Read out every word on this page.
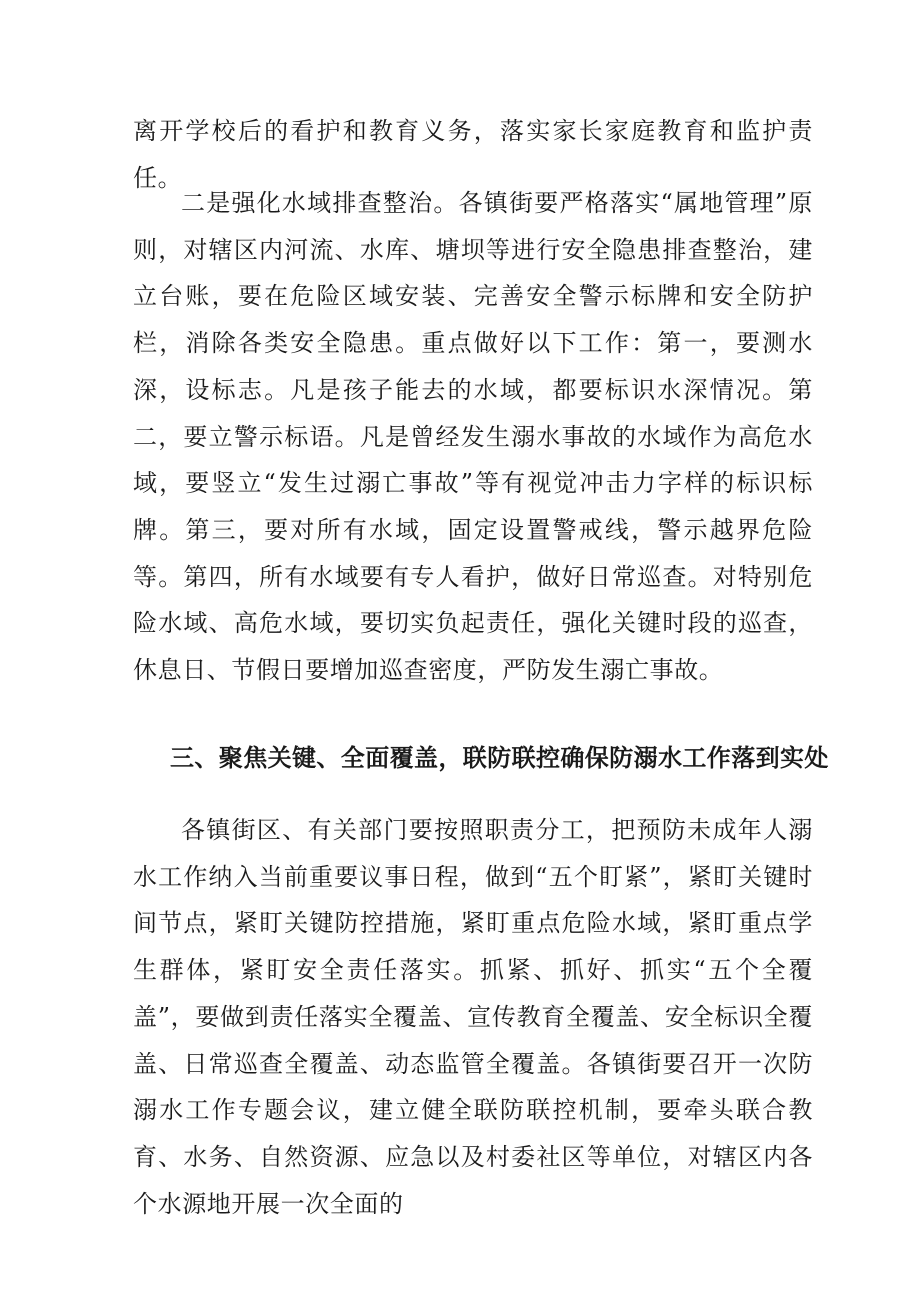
离开学校后的看护和教育义务，落实家长家庭教育和监护责任。

二是强化水域排查整治。各镇街要严格落实“属地管理”原则，对辖区内河流、水库、塘坝等进行安全隐患排查整治，建立台账，要在危险区域安装、完善安全警示标牌和安全防护栏，消除各类安全隐患。重点做好以下工作：第一，要测水深，设标志。凡是孩子能去的水域，都要标识水深情况。第二，要立警示标语。凡是曾经发生溺水事故的水域作为高危水域，要竖立“发生过溺亡事故”等有视觉冲击力字样的标识标牌。第三，要对所有水域，固定设置警戒线，警示越界危险等。第四，所有水域要有专人看护，做好日常巡查。对特别危险水域、高危水域，要切实负起责任，强化关键时段的巡查，休息日、节假日要增加巡查密度，严防发生溺亡事故。

三、聚焦关键、全面覆盖，联防联控确保防溺水工作落到实处

各镇街区、有关部门要按照职责分工，把预防未成年人溺水工作纳入当前重要议事日程，做到“五个盯紧”，紧盯关键时间节点，紧盯关键防控措施，紧盯重点危险水域，紧盯重点学生群体，紧盯安全责任落实。抓紧、抓好、抓实“五个全覆盖”，要做到责任落实全覆盖、宣传教育全覆盖、安全标识全覆盖、日常巡查全覆盖、动态监管全覆盖。各镇街要召开一次防溺水工作专题会议，建立健全联防联控机制，要牵头联合教育、水务、自然资源、应急以及村委社区等单位，对辖区内各个水源地开展一次全面的
